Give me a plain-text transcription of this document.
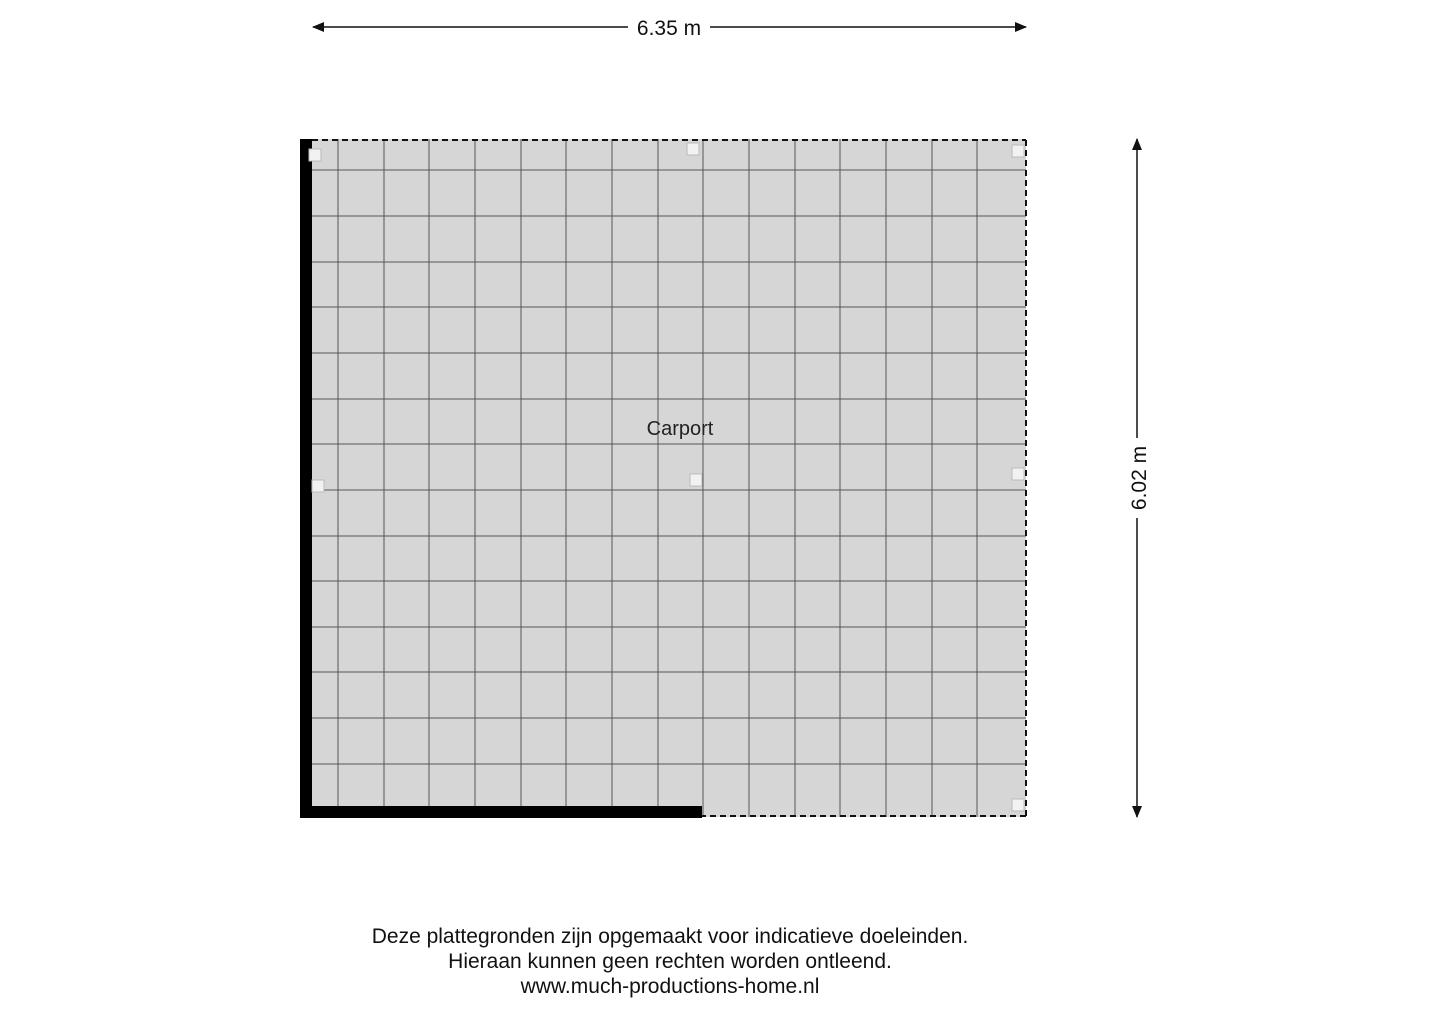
6.35 m
6.02 m
Carport
Deze plattegronden zijn opgemaakt voor indicatieve doeleinden.
Hieraan kunnen geen rechten worden ontleend.
www.much-productions-home.nl
